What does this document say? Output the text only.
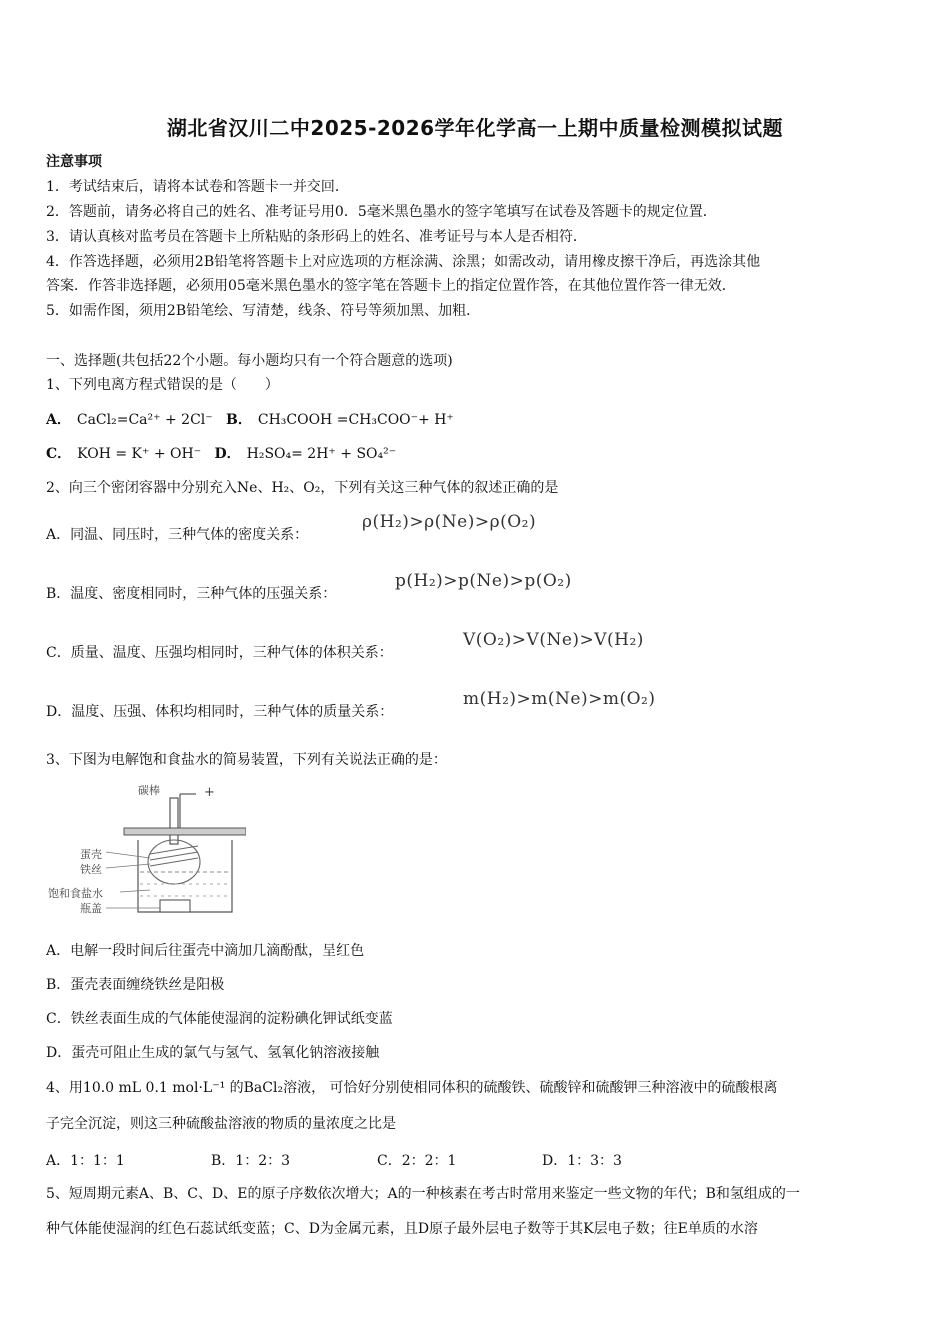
湖北省汉川二中2025-2026学年化学高一上期中质量检测模拟试题
注意事项
1．考试结束后，请将本试卷和答题卡一并交回．
2．答题前，请务必将自己的姓名、准考证号用0．5毫米黑色墨水的签字笔填写在试卷及答题卡的规定位置．
3．请认真核对监考员在答题卡上所粘贴的条形码上的姓名、准考证号与本人是否相符．
4．作答选择题，必须用2B铅笔将答题卡上对应选项的方框涂满、涂黑；如需改动，请用橡皮擦干净后，再选涂其他
答案．作答非选择题，必须用05毫米黑色墨水的签字笔在答题卡上的指定位置作答，在其他位置作答一律无效．
5．如需作图，须用2B铅笔绘、写清楚，线条、符号等须加黑、加粗．
一、选择题(共包括22个小题。每小题均只有一个符合题意的选项)
1、下列电离方程式错误的是（　　）
A． CaCl₂=Ca²⁺ + 2Cl⁻ B． CH₃COOH =CH₃COO⁻+ H⁺
C． KOH = K⁺ + OH⁻ D． H₂SO₄= 2H⁺ + SO₄²⁻
2、向三个密闭容器中分别充入Ne、H₂、O₂，下列有关这三种气体的叙述正确的是
A．同温、同压时，三种气体的密度关系：
ρ(H₂)>ρ(Ne)>ρ(O₂)
B．温度、密度相同时，三种气体的压强关系：
p(H₂)>p(Ne)>p(O₂)
C．质量、温度、压强均相同时，三种气体的体积关系：
V(O₂)>V(Ne)>V(H₂)
D．温度、压强、体积均相同时，三种气体的质量关系：
m(H₂)>m(Ne)>m(O₂)
3、下图为电解饱和食盐水的简易装置，下列有关说法正确的是：
碳棒	+
蛋壳
铁丝
饱和食盐水
瓶盖
A．电解一段时间后往蛋壳中滴加几滴酚酞，呈红色
B．蛋壳表面缠绕铁丝是阳极
C．铁丝表面生成的气体能使湿润的淀粉碘化钾试纸变蓝
D．蛋壳可阻止生成的氯气与氢气、氢氧化钠溶液接触
4、用10.0 mL 0.1 mol·L⁻¹ 的BaCl₂溶液， 可恰好分别使相同体积的硫酸铁、硫酸锌和硫酸钾三种溶液中的硫酸根离
子完全沉淀，则这三种硫酸盐溶液的物质的量浓度之比是
A．1：1：1	B．1：2：3	C．2：2：1	D．1：3：3
5、短周期元素A、B、C、D、E的原子序数依次增大；A的一种核素在考古时常用来鉴定一些文物的年代；B和氢组成的一
种气体能使湿润的红色石蕊试纸变蓝；C、D为金属元素，且D原子最外层电子数等于其K层电子数；往E单质的水溶
